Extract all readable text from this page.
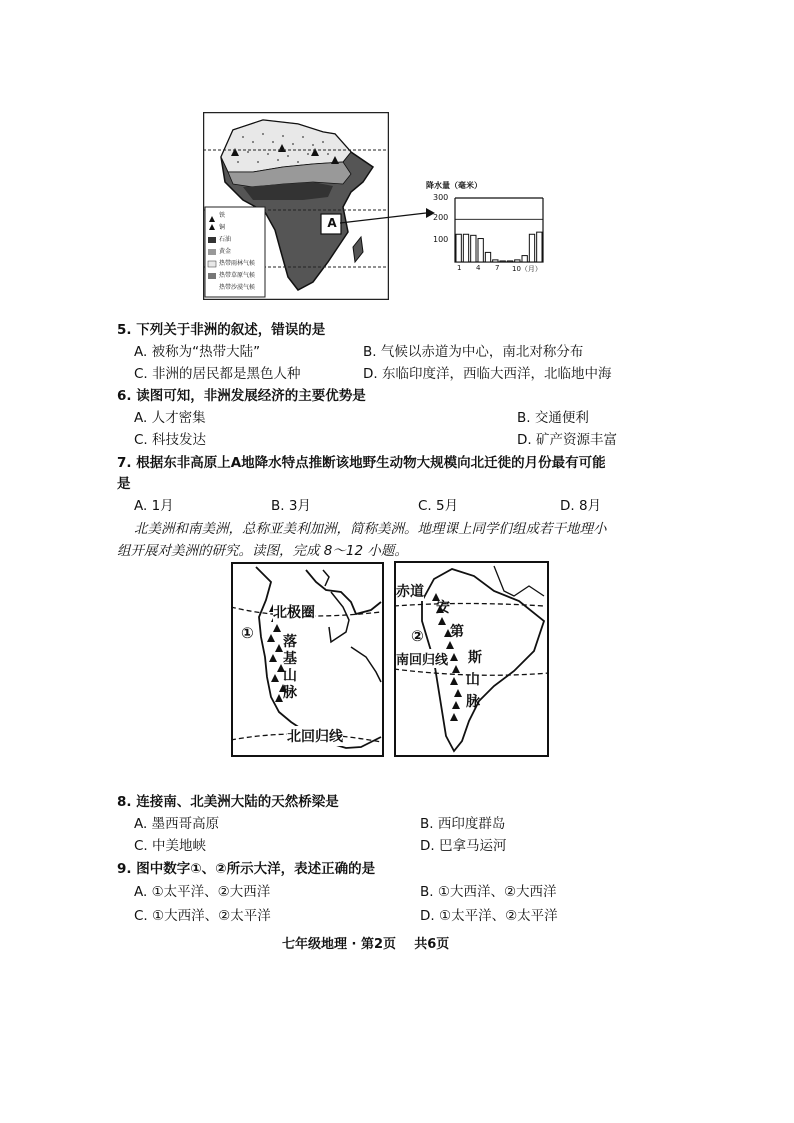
A
铁
铜
石油
黄金
热带雨林气候
热带草原气候
热带沙漠气候
降水量（毫米）
300
200
100
1 4 7 10（月）
5. 下列关于非洲的叙述，错误的是
A. 被称为“热带大陆”	B. 气候以赤道为中心，南北对称分布
C. 非洲的居民都是黑色人种	D. 东临印度洋，西临大西洋，北临地中海
6. 读图可知，非洲发展经济的主要优势是
A. 人才密集	B. 交通便利
C. 科技发达	D. 矿产资源丰富
7. 根据东非高原上A地降水特点推断该地野生动物大规模向北迁徙的月份最有可能
是
A. 1月	B. 3月	C. 5月	D. 8月
北美洲和南美洲，总称亚美利加洲，简称美洲。地理课上同学们组成若干地理小
组开展对美洲的研究。读图，完成 8～12 小题。
①
北极圈
落
基
山
脉
北回归线
赤道
②
南回归线
安
第
斯
山
脉
8. 连接南、北美洲大陆的天然桥梁是
A. 墨西哥高原	B. 西印度群岛
C. 中美地峡	D. 巴拿马运河
9. 图中数字①、②所示大洋，表述正确的是
A. ①太平洋、②大西洋	B. ①大西洋、②大西洋
C. ①大西洋、②太平洋	D. ①太平洋、②太平洋
七年级地理 · 第2页 共6页
